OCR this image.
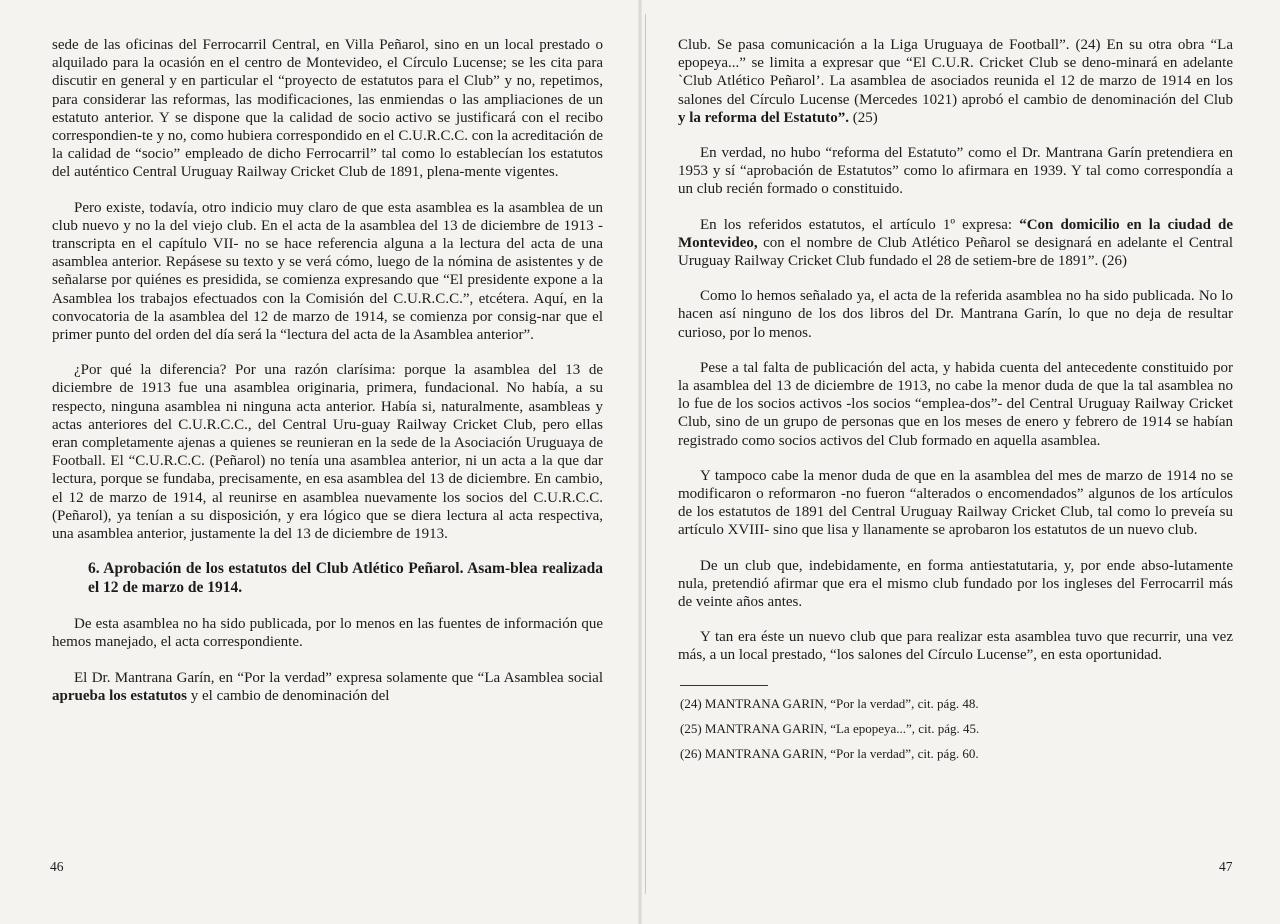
sede de las oficinas del Ferrocarril Central, en Villa Peñarol, sino en un local prestado o alquilado para la ocasión en el centro de Montevideo, el Círculo Lucense; se les cita para discutir en general y en particular el “proyecto de estatutos para el Club” y no, repetimos, para considerar las reformas, las modificaciones, las enmiendas o las ampliaciones de un estatuto anterior. Y se dispone que la calidad de socio activo se justificará con el recibo correspondien-te y no, como hubiera correspondido en el C.U.R.C.C. con la acreditación de la calidad de “socio” empleado de dicho Ferrocarril” tal como lo establecían los estatutos del auténtico Central Uruguay Railway Cricket Club de 1891, plena-mente vigentes.

Pero existe, todavía, otro indicio muy claro de que esta asamblea es la asamblea de un club nuevo y no la del viejo club. En el acta de la asamblea del 13 de diciembre de 1913 -transcripta en el capítulo VII- no se hace referencia alguna a la lectura del acta de una asamblea anterior. Repásese su texto y se verá cómo, luego de la nómina de asistentes y de señalarse por quiénes es presidida, se comienza expresando que “El presidente expone a la Asamblea los trabajos efectuados con la Comisión del C.U.R.C.C.”, etcétera. Aquí, en la convocatoria de la asamblea del 12 de marzo de 1914, se comienza por consig-nar que el primer punto del orden del día será la “lectura del acta de la Asamblea anterior”.

¿Por qué la diferencia? Por una razón clarísima: porque la asamblea del 13 de diciembre de 1913 fue una asamblea originaria, primera, fundacional. No había, a su respecto, ninguna asamblea ni ninguna acta anterior. Había si, naturalmente, asambleas y actas anteriores del C.U.R.C.C., del Central Uru-guay Railway Cricket Club, pero ellas eran completamente ajenas a quienes se reunieran en la sede de la Asociación Uruguaya de Football. El “C.U.R.C.C. (Peñarol) no tenía una asamblea anterior, ni un acta a la que dar lectura, porque se fundaba, precisamente, en esa asamblea del 13 de diciembre. En cambio, el 12 de marzo de 1914, al reunirse en asamblea nuevamente los socios del C.U.R.C.C. (Peñarol), ya tenían a su disposición, y era lógico que se diera lectura al acta respectiva, una asamblea anterior, justamente la del 13 de diciembre de 1913.

6. Aprobación de los estatutos del Club Atlético Peñarol. Asam-blea realizada el 12 de marzo de 1914.

De esta asamblea no ha sido publicada, por lo menos en las fuentes de información que hemos manejado, el acta correspondiente.

El Dr. Mantrana Garín, en “Por la verdad” expresa solamente que “La Asamblea social aprueba los estatutos y el cambio de denominación del

46

Club. Se pasa comunicación a la Liga Uruguaya de Football”. (24) En su otra obra “La epopeya...” se limita a expresar que “El C.U.R. Cricket Club se deno-minará en adelante `Club Atlético Peñarol’. La asamblea de asociados reunida el 12 de marzo de 1914 en los salones del Círculo Lucense (Mercedes 1021) aprobó el cambio de denominación del Club y la reforma del Estatuto”. (25)

En verdad, no hubo “reforma del Estatuto” como el Dr. Mantrana Garín pretendiera en 1953 y sí “aprobación de Estatutos” como lo afirmara en 1939. Y tal como correspondía a un club recién formado o constituido.

En los referidos estatutos, el artículo 1º expresa: “Con domicilio en la ciudad de Montevideo, con el nombre de Club Atlético Peñarol se designará en adelante el Central Uruguay Railway Cricket Club fundado el 28 de setiem-bre de 1891”. (26)

Como lo hemos señalado ya, el acta de la referida asamblea no ha sido publicada. No lo hacen así ninguno de los dos libros del Dr. Mantrana Garín, lo que no deja de resultar curioso, por lo menos.

Pese a tal falta de publicación del acta, y habida cuenta del antecedente constituido por la asamblea del 13 de diciembre de 1913, no cabe la menor duda de que la tal asamblea no lo fue de los socios activos -los socios “emplea-dos”- del Central Uruguay Railway Cricket Club, sino de un grupo de personas que en los meses de enero y febrero de 1914 se habían registrado como socios activos del Club formado en aquella asamblea.

Y tampoco cabe la menor duda de que en la asamblea del mes de marzo de 1914 no se modificaron o reformaron -no fueron “alterados o encomendados” algunos de los artículos de los estatutos de 1891 del Central Uruguay Railway Cricket Club, tal como lo preveía su artículo XVIII- sino que lisa y llanamente se aprobaron los estatutos de un nuevo club.

De un club que, indebidamente, en forma antiestatutaria, y, por ende abso-lutamente nula, pretendió afirmar que era el mismo club fundado por los ingleses del Ferrocarril más de veinte años antes.

Y tan era éste un nuevo club que para realizar esta asamblea tuvo que recurrir, una vez más, a un local prestado, “los salones del Círculo Lucense”, en esta oportunidad.

(24) MANTRANA GARIN, “Por la verdad”, cit. pág. 48.
(25) MANTRANA GARIN, “La epopeya...”, cit. pág. 45.
(26) MANTRANA GARIN, “Por la verdad”, cit. pág. 60.
47
